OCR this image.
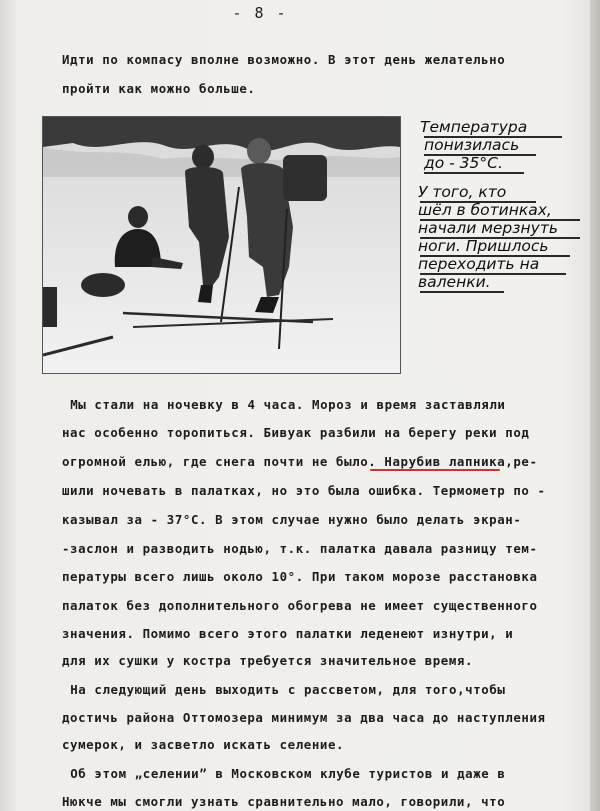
- 8 -
Идти по компасу вполне возможно. В этот день желательно
пройти как можно больше.
Температура
понизилась
до - 35°С.
У того, кто
шёл в ботинках,
начали мерзнуть
ноги. Пришлось
переходить на
валенки.
Мы стали на ночевку в 4 часа. Мороз и время заставляли
нас особенно торопиться. Бивуак разбили на берегу реки под
огромной елью, где снега почти не было. Нарубив лапника,ре-
шили ночевать в палатках, но это была ошибка. Термометр по -
казывал за - 37°С. В этом случае нужно было делать экран-
-заслон и разводить нодью, т.к. палатка давала разницу тем-
пературы всего лишь около 10°. При таком морозе расстановка
палаток без дополнительного обогрева не имеет существенного
значения. Помимо всего этого палатки леденеют изнутри, и
для их сушки у костра требуется значительное время.
На следующий день выходить с рассветом, для того,чтобы
достичь района Оттомозера минимум за два часа до наступления
сумерок, и засветло искать селение.
Об этом „селении” в Московском клубе туристов и даже в
Нюкче мы смогли узнать сравнительно мало, говорили, что
